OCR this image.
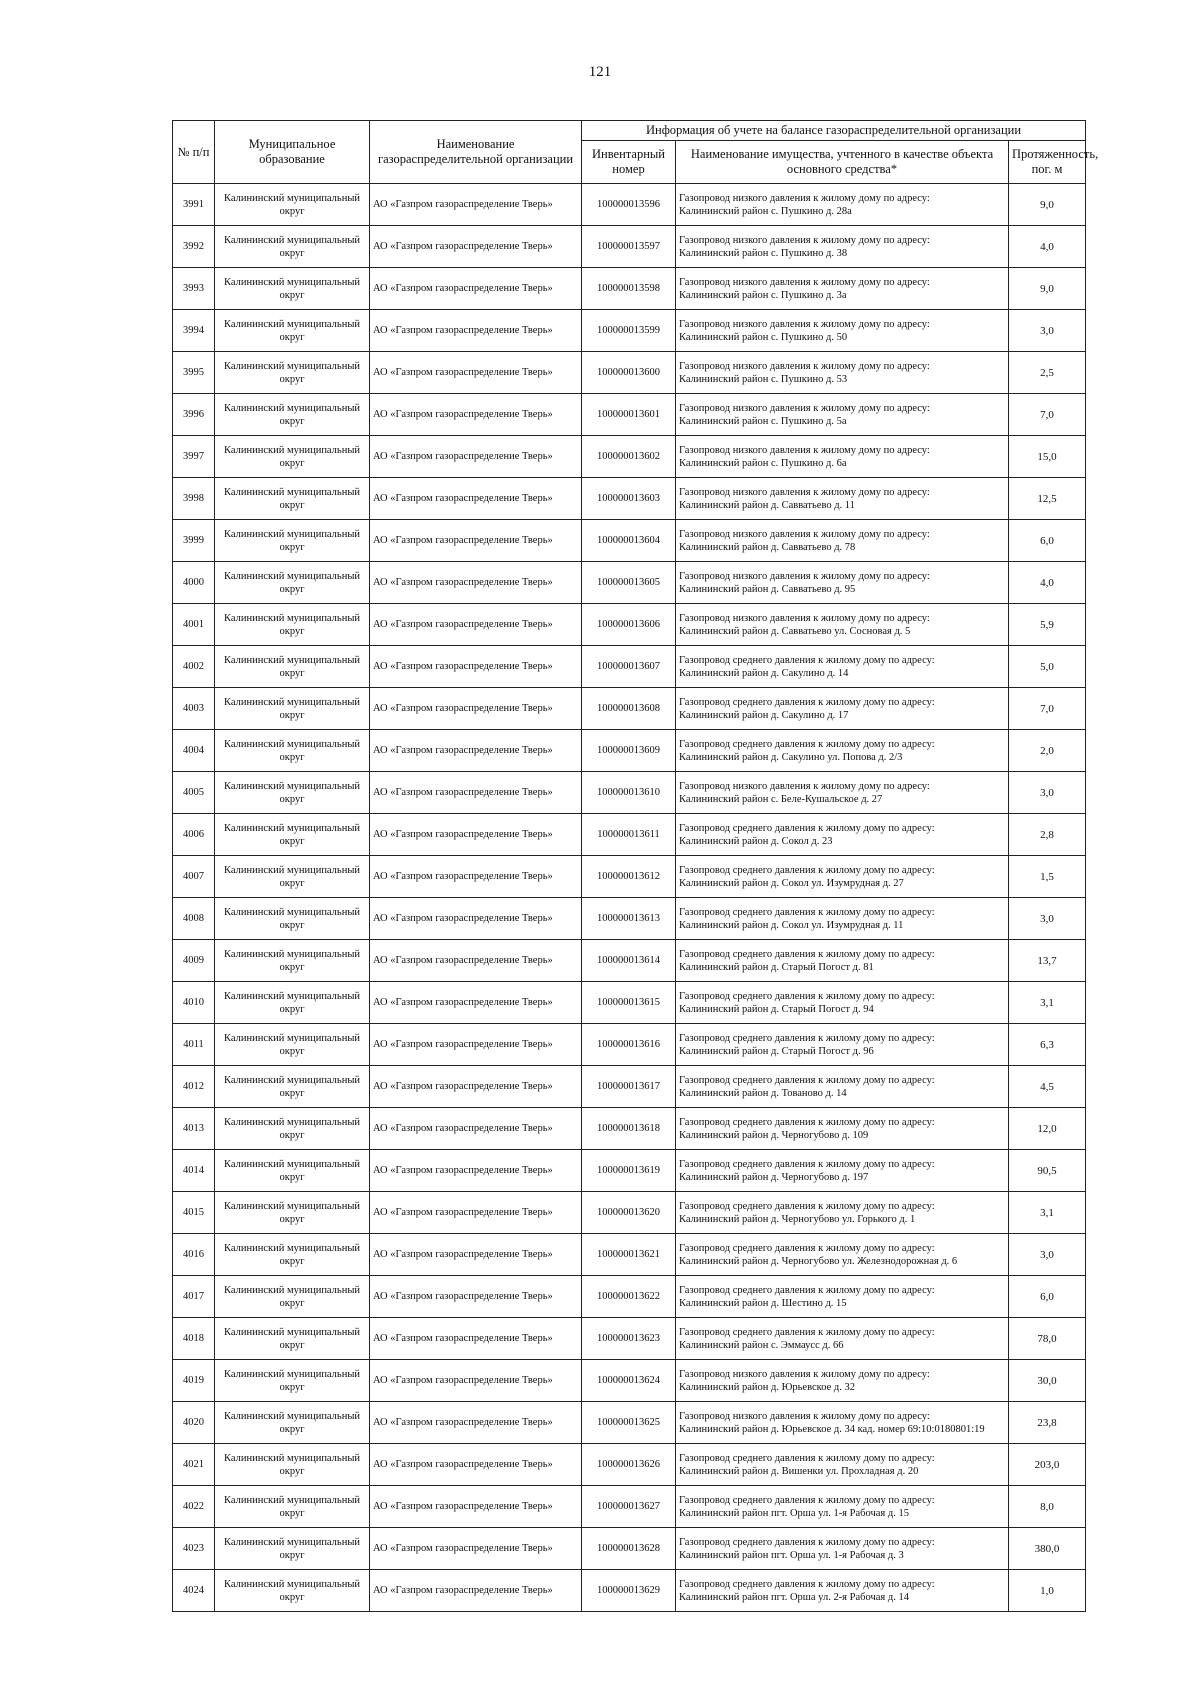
121
№ п/п	Муниципальное образование	Наименование газораспределительной организации	Информация об учете на балансе газораспределительной организации		
			Инвентарный номер	Наименование имущества, учтенного в качестве объекта основного средства*	Протяженность, пог. м
3991	Калининский муниципальный округ	АО «Газпром газораспределение Тверь»	100000013596	Газопровод низкого давления к жилому дому по адресу:
Калининский район с. Пушкино д. 28а	9,0
3992	Калининский муниципальный округ	АО «Газпром газораспределение Тверь»	100000013597	Газопровод низкого давления к жилому дому по адресу:
Калининский район с. Пушкино д. 38	4,0
3993	Калининский муниципальный округ	АО «Газпром газораспределение Тверь»	100000013598	Газопровод низкого давления к жилому дому по адресу:
Калининский район с. Пушкино д. 3а	9,0
3994	Калининский муниципальный округ	АО «Газпром газораспределение Тверь»	100000013599	Газопровод низкого давления к жилому дому по адресу:
Калининский район с. Пушкино д. 50	3,0
3995	Калининский муниципальный округ	АО «Газпром газораспределение Тверь»	100000013600	Газопровод низкого давления к жилому дому по адресу:
Калининский район с. Пушкино д. 53	2,5
3996	Калининский муниципальный округ	АО «Газпром газораспределение Тверь»	100000013601	Газопровод низкого давления к жилому дому по адресу:
Калининский район с. Пушкино д. 5а	7,0
3997	Калининский муниципальный округ	АО «Газпром газораспределение Тверь»	100000013602	Газопровод низкого давления к жилому дому по адресу:
Калининский район с. Пушкино д. 6а	15,0
3998	Калининский муниципальный округ	АО «Газпром газораспределение Тверь»	100000013603	Газопровод низкого давления к жилому дому по адресу:
Калининский район д. Савватьево д. 11	12,5
3999	Калининский муниципальный округ	АО «Газпром газораспределение Тверь»	100000013604	Газопровод низкого давления к жилому дому по адресу:
Калининский район д. Савватьево д. 78	6,0
4000	Калининский муниципальный округ	АО «Газпром газораспределение Тверь»	100000013605	Газопровод низкого давления к жилому дому по адресу:
Калининский район д. Савватьево д. 95	4,0
4001	Калининский муниципальный округ	АО «Газпром газораспределение Тверь»	100000013606	Газопровод низкого давления к жилому дому по адресу:
Калининский район д. Савватьево ул. Сосновая д. 5	5,9
4002	Калининский муниципальный округ	АО «Газпром газораспределение Тверь»	100000013607	Газопровод среднего давления к жилому дому по адресу:
Калининский район д. Сакулино д. 14	5,0
4003	Калининский муниципальный округ	АО «Газпром газораспределение Тверь»	100000013608	Газопровод среднего давления к жилому дому по адресу:
Калининский район д. Сакулино д. 17	7,0
4004	Калининский муниципальный округ	АО «Газпром газораспределение Тверь»	100000013609	Газопровод среднего давления к жилому дому по адресу:
Калининский район д. Сакулино ул. Попова д. 2/3	2,0
4005	Калининский муниципальный округ	АО «Газпром газораспределение Тверь»	100000013610	Газопровод низкого давления к жилому дому по адресу:
Калининский район с. Беле-Кушальское д. 27	3,0
4006	Калининский муниципальный округ	АО «Газпром газораспределение Тверь»	100000013611	Газопровод среднего давления к жилому дому по адресу:
Калининский район д. Сокол д. 23	2,8
4007	Калининский муниципальный округ	АО «Газпром газораспределение Тверь»	100000013612	Газопровод среднего давления к жилому дому по адресу:
Калининский район д. Сокол ул. Изумрудная д. 27	1,5
4008	Калининский муниципальный округ	АО «Газпром газораспределение Тверь»	100000013613	Газопровод среднего давления к жилому дому по адресу:
Калининский район д. Сокол ул. Изумрудная д. 11	3,0
4009	Калининский муниципальный округ	АО «Газпром газораспределение Тверь»	100000013614	Газопровод среднего давления к жилому дому по адресу:
Калининский район д. Старый Погост д. 81	13,7
4010	Калининский муниципальный округ	АО «Газпром газораспределение Тверь»	100000013615	Газопровод среднего давления к жилому дому по адресу:
Калининский район д. Старый Погост д. 94	3,1
4011	Калининский муниципальный округ	АО «Газпром газораспределение Тверь»	100000013616	Газопровод среднего давления к жилому дому по адресу:
Калининский район д. Старый Погост д. 96	6,3
4012	Калининский муниципальный округ	АО «Газпром газораспределение Тверь»	100000013617	Газопровод среднего давления к жилому дому по адресу:
Калининский район д. Тованово д. 14	4,5
4013	Калининский муниципальный округ	АО «Газпром газораспределение Тверь»	100000013618	Газопровод среднего давления к жилому дому по адресу:
Калининский район д. Черногубово д. 109	12,0
4014	Калининский муниципальный округ	АО «Газпром газораспределение Тверь»	100000013619	Газопровод среднего давления к жилому дому по адресу:
Калининский район д. Черногубово д. 197	90,5
4015	Калининский муниципальный округ	АО «Газпром газораспределение Тверь»	100000013620	Газопровод среднего давления к жилому дому по адресу:
Калининский район д. Черногубово ул. Горького д. 1	3,1
4016	Калининский муниципальный округ	АО «Газпром газораспределение Тверь»	100000013621	Газопровод среднего давления к жилому дому по адресу:
Калининский район д. Черногубово ул. Железнодорожная д. 6	3,0
4017	Калининский муниципальный округ	АО «Газпром газораспределение Тверь»	100000013622	Газопровод среднего давления к жилому дому по адресу:
Калининский район д. Шестино д. 15	6,0
4018	Калининский муниципальный округ	АО «Газпром газораспределение Тверь»	100000013623	Газопровод среднего давления к жилому дому по адресу:
Калининский район с. Эммаусс д. 66	78,0
4019	Калининский муниципальный округ	АО «Газпром газораспределение Тверь»	100000013624	Газопровод низкого давления к жилому дому по адресу:
Калининский район д. Юрьевское д. 32	30,0
4020	Калининский муниципальный округ	АО «Газпром газораспределение Тверь»	100000013625	Газопровод низкого давления к жилому дому по адресу:
Калининский район д. Юрьевское д. 34 кад. номер 69:10:0180801:19	23,8
4021	Калининский муниципальный округ	АО «Газпром газораспределение Тверь»	100000013626	Газопровод среднего давления к жилому дому по адресу:
Калининский район д. Вишенки ул. Прохладная д. 20	203,0
4022	Калининский муниципальный округ	АО «Газпром газораспределение Тверь»	100000013627	Газопровод среднего давления к жилому дому по адресу:
Калининский район пгт. Орша ул. 1-я Рабочая д. 15	8,0
4023	Калининский муниципальный округ	АО «Газпром газораспределение Тверь»	100000013628	Газопровод среднего давления к жилому дому по адресу:
Калининский район пгт. Орша ул. 1-я Рабочая д. 3	380,0
4024	Калининский муниципальный округ	АО «Газпром газораспределение Тверь»	100000013629	Газопровод среднего давления к жилому дому по адресу:
Калининский район пгт. Орша ул. 2-я Рабочая д. 14	1,0
